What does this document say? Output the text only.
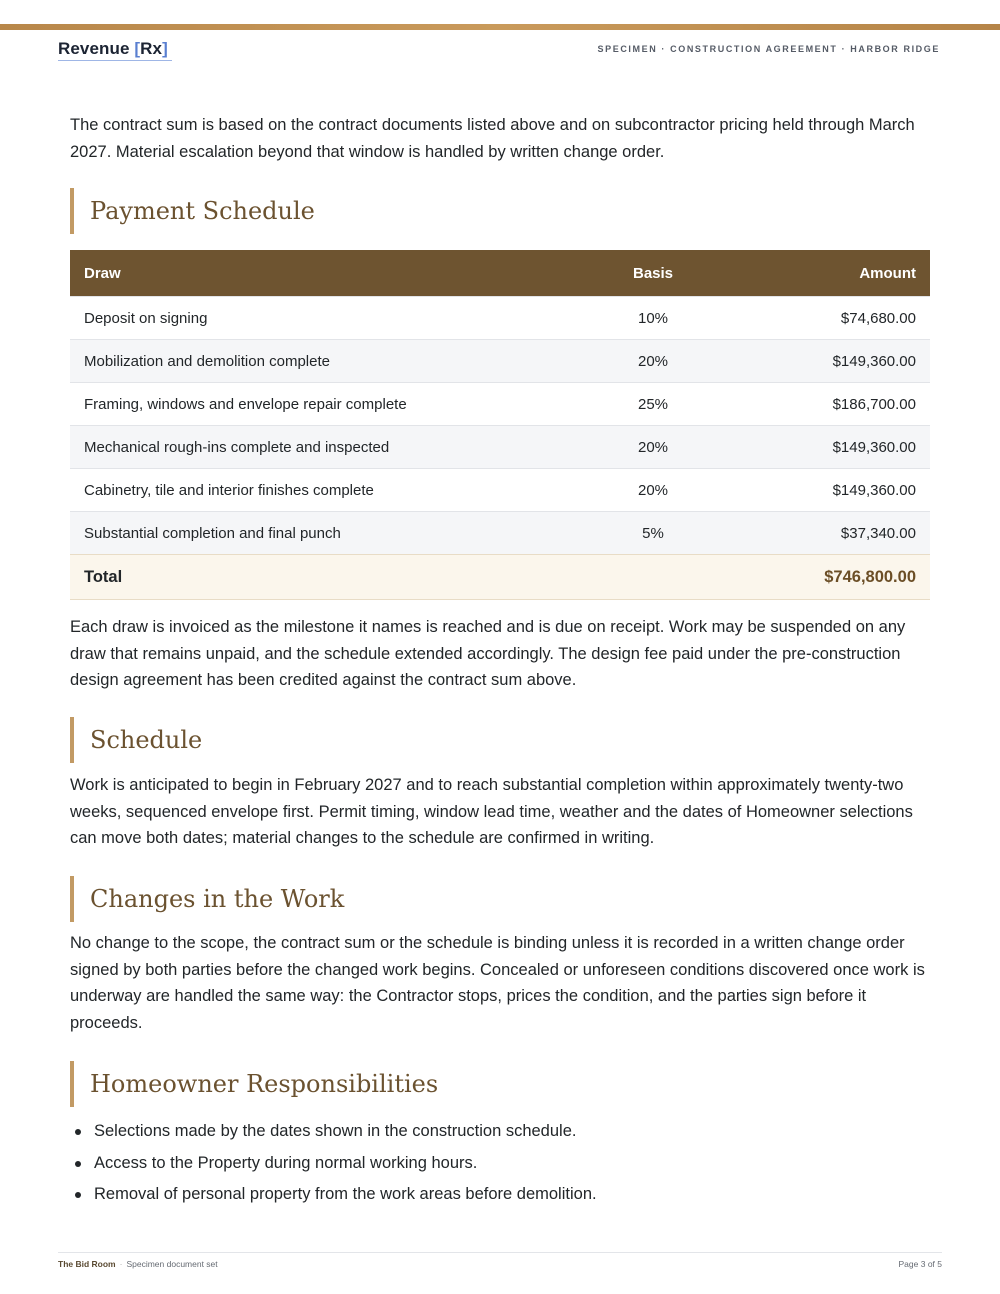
Revenue [Rx]	SPECIMEN · CONSTRUCTION AGREEMENT · HARBOR RIDGE

The contract sum is based on the contract documents listed above and on subcontractor pricing held through March 2027. Material escalation beyond that window is handled by written change order.

Payment Schedule
Draw	Basis	Amount
Deposit on signing	10%	$74,680.00
Mobilization and demolition complete	20%	$149,360.00
Framing, windows and envelope repair complete	25%	$186,700.00
Mechanical rough-ins complete and inspected	20%	$149,360.00
Cabinetry, tile and interior finishes complete	20%	$149,360.00
Substantial completion and final punch	5%	$37,340.00
Total		$746,800.00

Each draw is invoiced as the milestone it names is reached and is due on receipt. Work may be suspended on any draw that remains unpaid, and the schedule extended accordingly. The design fee paid under the pre-construction design agreement has been credited against the contract sum above.

Schedule

Work is anticipated to begin in February 2027 and to reach substantial completion within approximately twenty-two weeks, sequenced envelope first. Permit timing, window lead time, weather and the dates of Homeowner selections can move both dates; material changes to the schedule are confirmed in writing.

Changes in the Work

No change to the scope, the contract sum or the schedule is binding unless it is recorded in a written change order signed by both parties before the changed work begins. Concealed or unforeseen conditions discovered once work is underway are handled the same way: the Contractor stops, prices the condition, and the parties sign before it proceeds.

Homeowner Responsibilities
Selections made by the dates shown in the construction schedule.
Access to the Property during normal working hours.
Removal of personal property from the work areas before demolition.
The Bid Room · Specimen document set	Page 3 of 5
